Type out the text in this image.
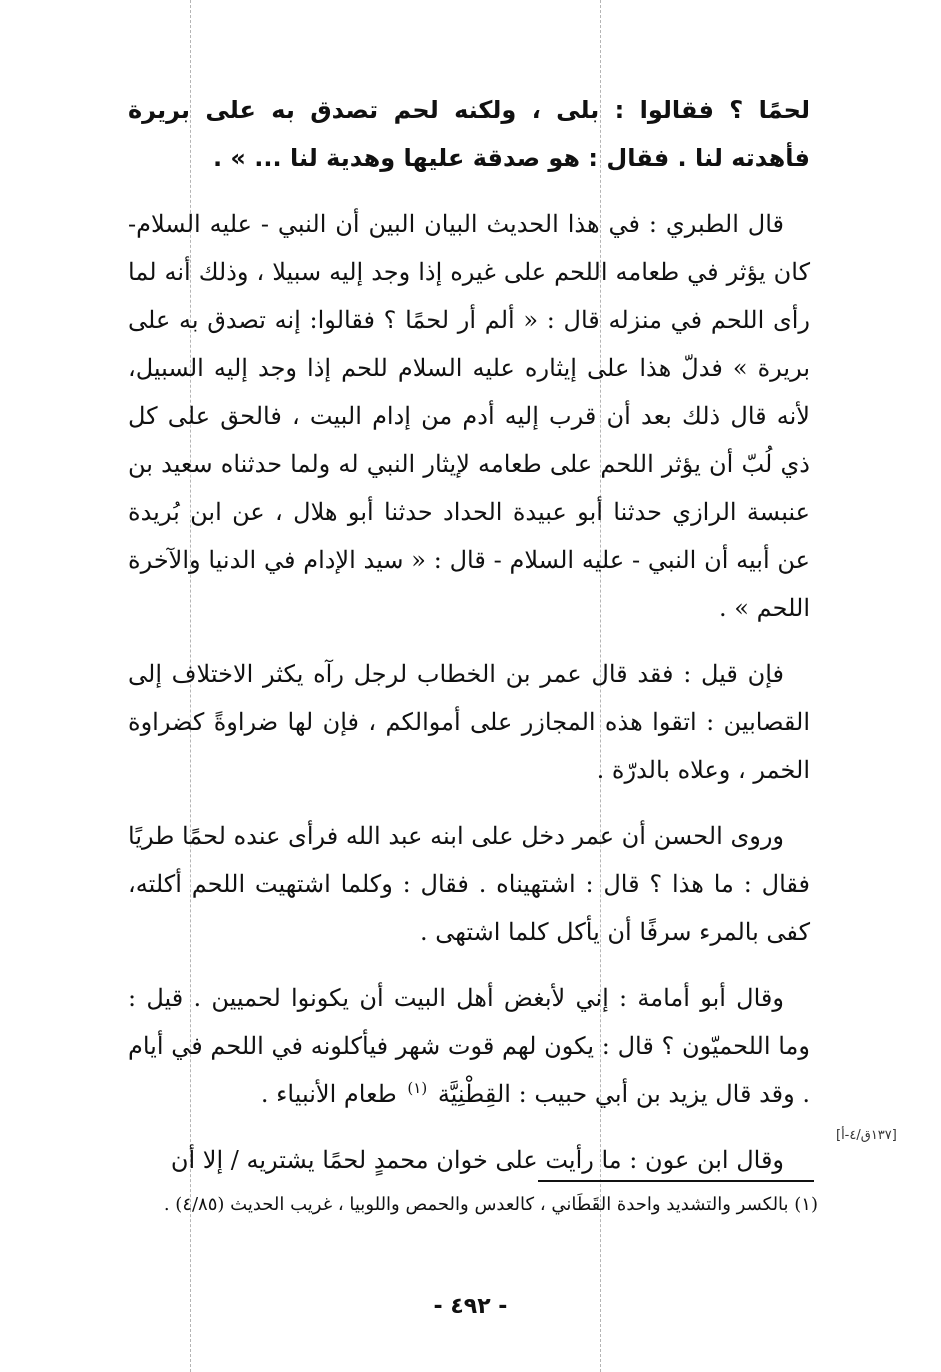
لحمًا ؟ فقالوا : بلى ، ولكنه لحم تصدق به على بريرة فأهدته لنا . فقال : هو صدقة عليها وهدية لنا ... » .

قال الطبري : في هذا الحديث البيان البين أن النبي - عليه السلام- كان يؤثر في طعامه اللحم على غيره إذا وجد إليه سبيلا ، وذلك أنه لما رأى اللحم في منزله قال : « ألم أر لحمًا ؟ فقالوا: إنه تصدق به على بريرة » فدلّ هذا على إيثاره عليه السلام للحم إذا وجد إليه السبيل، لأنه قال ذلك بعد أن قرب إليه أدم من إدام البيت ، فالحق على كل ذي لُبّ أن يؤثر اللحم على طعامه لإيثار النبي له ولما حدثناه سعيد بن عنبسة الرازي حدثنا أبو عبيدة الحداد حدثنا أبو هلال ، عن ابن بُريدة عن أبيه أن النبي - عليه السلام - قال : « سيد الإدام في الدنيا والآخرة اللحم » .

فإن قيل : فقد قال عمر بن الخطاب لرجل رآه يكثر الاختلاف إلى القصابين : اتقوا هذه المجازر على أموالكم ، فإن لها ضراوةً كضراوة الخمر ، وعلاه بالدرّة .

وروى الحسن أن عمر دخل على ابنه عبد الله فرأى عنده لحمًا طريًا فقال : ما هذا ؟ قال : اشتهيناه . فقال : وكلما اشتهيت اللحم أكلته، كفى بالمرء سرفًا أن يأكل كلما اشتهى .

وقال أبو أمامة : إني لأبغض أهل البيت أن يكونوا لحميين . قيل : وما اللحميّون ؟ قال : يكون لهم قوت شهر فيأكلونه في اللحم في أيام . وقد قال يزيد بن أبي حبيب : القِطْنِيَّة $^{(١)}$ طعام الأنبياء .

وقال ابن عون : ما رأيت على خوان محمدٍ لحمًا يشتريه / إلا أن

[١٣٧ق/٤-أ]
(١) بالكسر والتشديد واحدة القَطَاني ، كالعدس والحمص واللوبيا ، غريب الحديث (٤/٨٥) .
- ٤٩٢ -
